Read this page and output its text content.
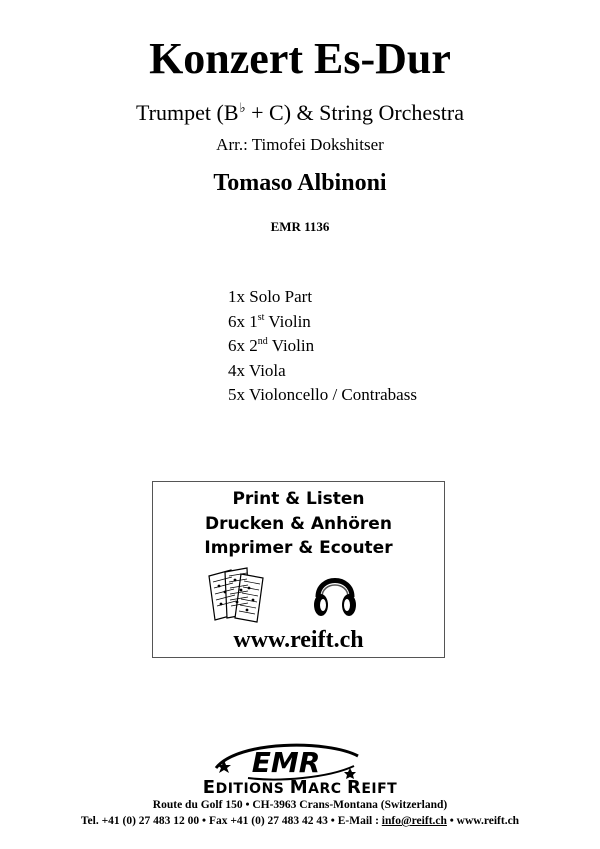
Konzert Es-Dur
Trumpet (B♭ + C) & String Orchestra
Arr.: Timofei Dokshitser
Tomaso Albinoni
EMR 1136
1x Solo Part
6x 1st Violin
6x 2nd Violin
4x Viola
5x Violoncello / Contrabass
Print & Listen
Drucken & Anhören
Imprimer & Ecouter
www.reift.ch
EMR
EDITIONS MARC REIFT
Route du Golf 150 • CH-3963 Crans-Montana (Switzerland)
Tel. +41 (0) 27 483 12 00 • Fax +41 (0) 27 483 42 43 • E-Mail : info@reift.ch • www.reift.ch
